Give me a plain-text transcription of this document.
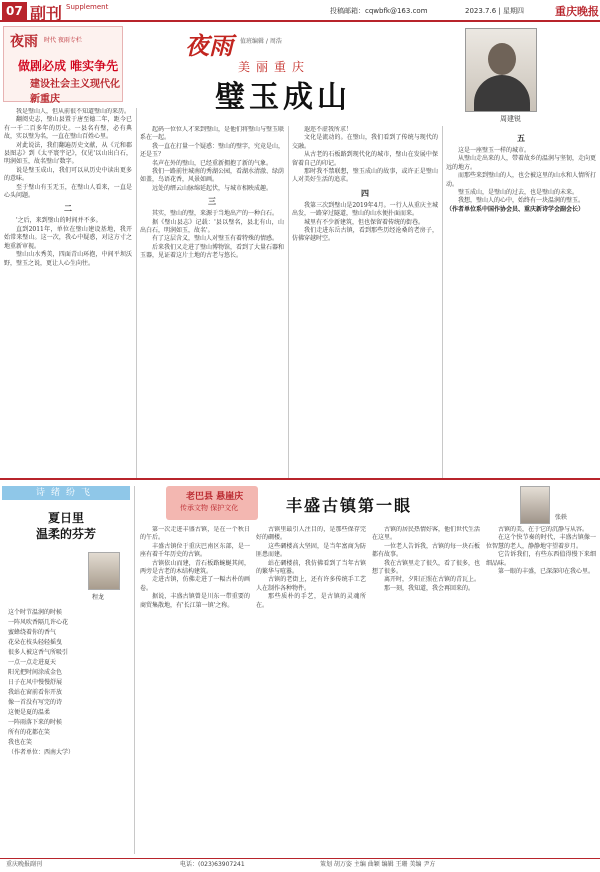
07 副刊 Supplement	投稿邮箱：cqwbfk@163.com	2023.7.6 | 星期四	重庆晚报
夜雨 时代 夜雨专栏
做剧必成 唯实争先
建设社会主义现代化新重庆
夜雨 值班编辑 / 周浩
美丽重庆
璧玉成山
周建锐

我是璧山人，但从前很不知道璧山的来历。

翻阅史志，璧山县置于唐至德二年，距今已有一千二百多年的历史。一县名有璧，必有典故，实以璧为名，一直在璧山百姓心里。

对此说法，我们翻遍历史文献，从《元和郡县图志》到《太平寰宇记》，仅见'以山出白石，明润如玉，故名璧山'数字。

说是璧玉成山，我们可以从历史中读出更多的意味。

至于璧山有玉无玉，在璧山人看来，一直是心头问题。

二

'之后，来到璧山的时间并不多。

直到2011年，单位在璧山建设基地，我开始常来璧山。这一次，我心中疑惑，对这方寸之地重新审视。

璧山山水秀美，四面青山环抱，中间平坝沃野，璧玉之说，更让人心生向往。

起码一位位人才来到璧山，是他们将璧山与璧玉联系在一起。

我一直在打量一个疑惑：璧山的璧字，究竟是山，还是玉？

名声在外的璧山，已经重新拥抱了新的气象。

我们一路前往城南的秀湖公园，看湖水清澈、绿荫如盖，鸟语花香，风景如画。

远处的缙云山脉绵延起伏，与城市相映成趣。

三

其实，璧山的璧，来源于当地出产的一种白石。

据《璧山县志》记载：'县以璧名，县北有山，山出白石，明润如玉，故名'。

有了这层含义，璧山人对璧玉有着特殊的情感。

后来我们又走进了璧山博物馆，看到了大量石器和玉器，见证着这片土地的古老与悠长。

遐迩不虚我所求！

文化是流动的。在璧山，我们看到了传统与现代的交融。

从古老的石板路到现代化的城市，璧山在发展中保留着自己的印记。

那时我不禁联想，璧玉成山的故事，或许正是璧山人对美好生活的追求。

四

我第三次到璧山是2019年4月。一行人从重庆主城出发，一路穿过隧道，璧山的山水便扑面而来。

城里有不少新建筑，但也保留着传统的街巷。

我们走进东岳古镇，看到那些历经沧桑的老房子，仿佛穿越时空。

五

这是一座璧玉一样的城市。

从璧山走出来的人，带着故乡的温润与坚韧，走向更远的地方。

而那些来到璧山的人，也会被这里的山水和人情所打动。

璧玉成山，是璧山的过去，也是璧山的未来。

我想，璧山人的心中，始终有一块温润的璧玉。

（作者单位系中国作协会员、重庆新诗学会副会长）
诗绪纷飞
夏日里
温柔的芬芳
程龙
这个时节温润的时候
一阵风吹香隔几许心花
蜜蜂绕着你的香气
花朵在枝头轻轻摇曳
很多人被这香气所吸引
一点一点走进夏天
阳光把时间涂成金色
日子在风中慢慢舒展
我站在窗前看你开放
像一首没有写完的诗
这便是夏的温柔
一阵雨落下来的时候
所有的花都在笑
我也在笑
（作者单位：西南大学）
老巴县 悬崖庆
传承文物 保护文化	丰盛古镇第一眼
张轶

第一次走进丰盛古镇，是在一个秋日的午后。

丰盛古镇位于重庆巴南区东部，是一座有着千年历史的古镇。

古镇依山而建，青石板路蜿蜒其间，两旁是古老的木结构建筑。

走进古镇，仿佛走进了一幅古朴的画卷。

据说，丰盛古镇曾是川东一带重要的商贸集散地，有'长江第一镇'之称。

古镇里最引人注目的，是那些保存完好的碉楼。

这些碉楼高大坚固，是当年富商为防匪患而建。

站在碉楼前，我仿佛看到了当年古镇的繁华与喧嚣。

古镇的老街上，还有许多传统手工艺人在制作各种物件。

那些质朴的手艺，是古镇的灵魂所在。

古镇的居民热情好客，他们世代生活在这里。

一位老人告诉我，古镇的每一块石板都有故事。

我在古镇里走了很久，看了很多，也想了很多。

离开时，夕阳正照在古镇的青瓦上。

那一刻，我知道，我会再回来的。

古镇的美，在于它的沉静与从容。

在这个快节奏的时代，丰盛古镇像一位智慧的老人，静静地守望着岁月。

它告诉我们，有些东西值得慢下来细细品味。

第一眼的丰盛，已深深印在我心里。

重庆晚报副刊	电话：(023)63907241	策划 胡万姿 主编 曲颖 编辑 王珊 美编 尹方
